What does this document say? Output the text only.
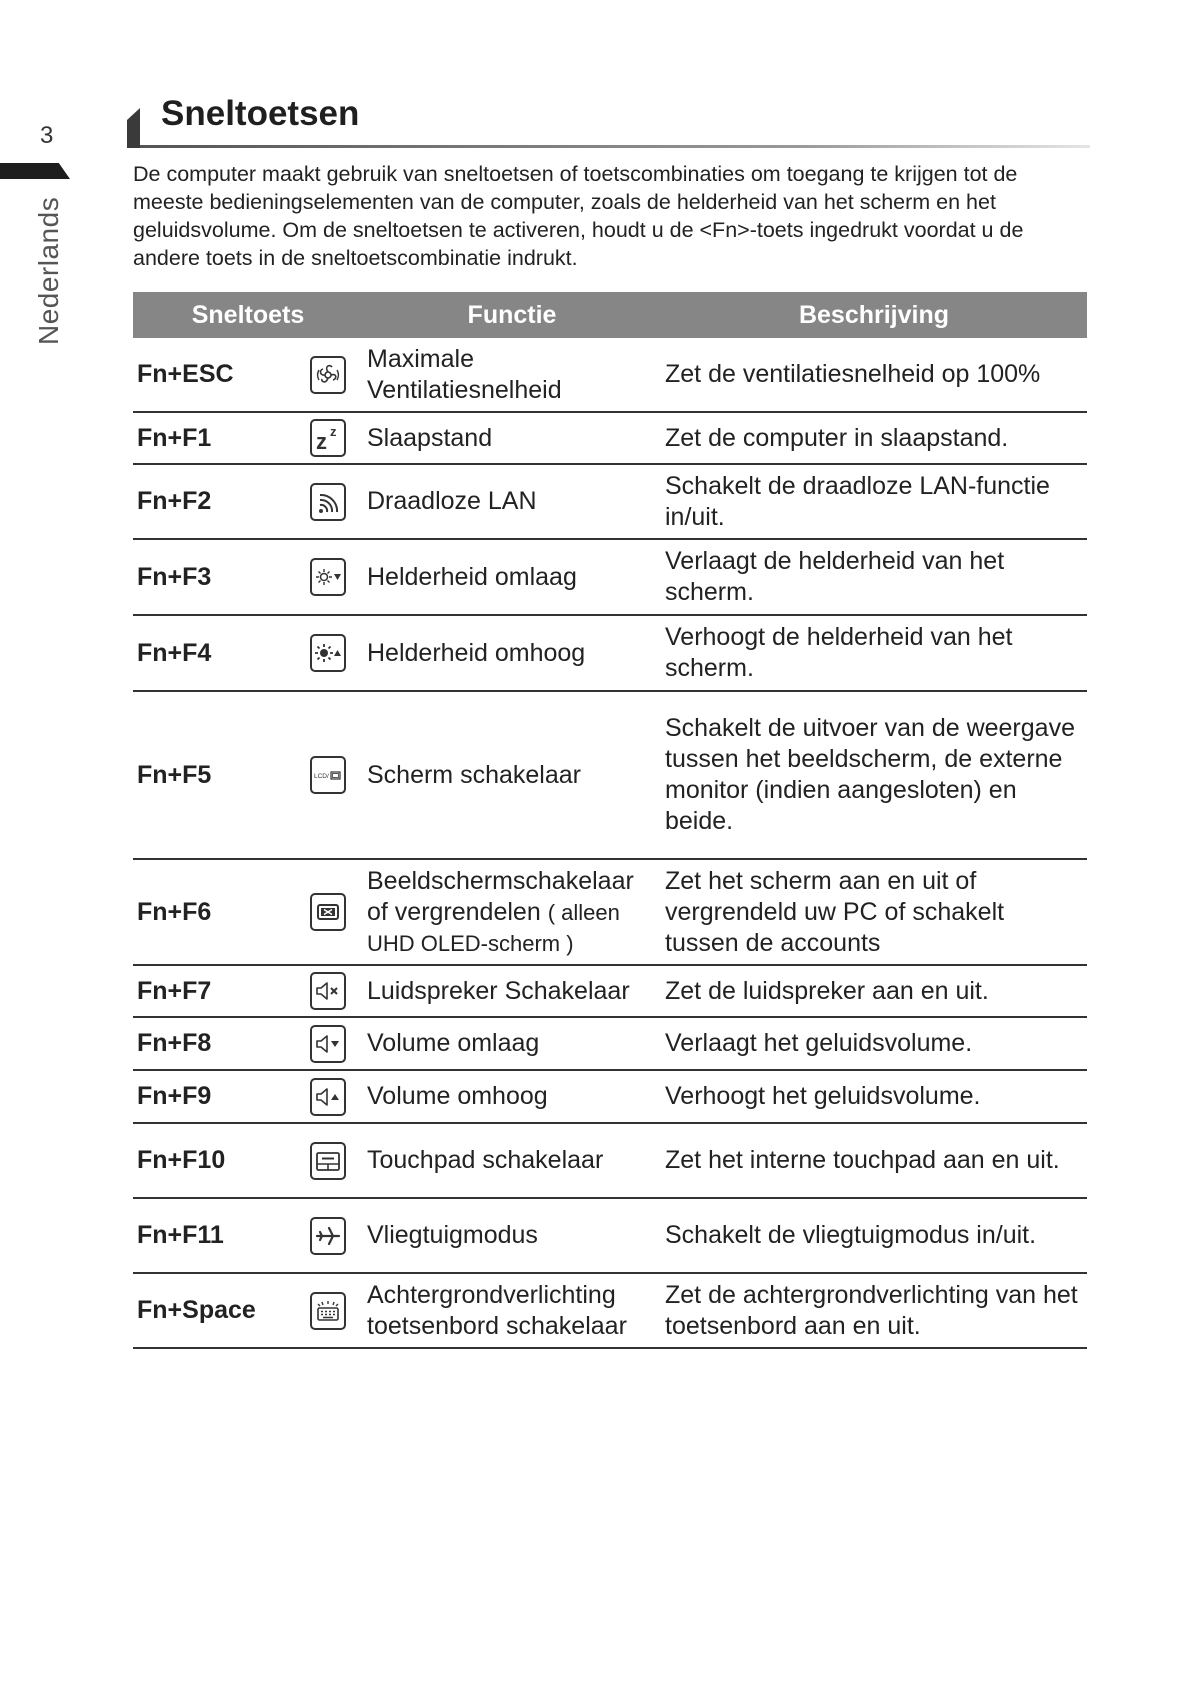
3
Nederlands
Sneltoetsen

De computer maakt gebruik van sneltoetsen of toetscombinaties om toegang te krijgen tot de meeste bedieningselementen van de computer, zoals de helderheid van het scherm en het geluidsvolume. Om de sneltoetsen te activeren, houdt u de <Fn>-toets ingedrukt voordat u de andere toets in de sneltoetscombinatie indrukt.

Sneltoets		Functie	Beschrijving
Fn+ESC		Maximale Ventilatiesnelheid	Zet de ventilatiesnelheid op 100%
Fn+F1	z z	Slaapstand	Zet de computer in slaapstand.
Fn+F2		Draadloze LAN	Schakelt de draadloze LAN-functie in/uit.
Fn+F3		Helderheid omlaag	Verlaagt de helderheid van het scherm.
Fn+F4		Helderheid omhoog	Verhoogt de helderheid van het scherm.
Fn+F5	LCD/	Scherm schakelaar	Schakelt de uitvoer van de weergave tussen het beeldscherm, de externe monitor (indien aangesloten) en beide.
Fn+F6		Beeldschermschakelaar of vergrendelen ( alleen UHD OLED-scherm )	Zet het scherm aan en uit of vergrendeld uw PC of schakelt tussen de accounts
Fn+F7		Luidspreker Schakelaar	Zet de luidspreker aan en uit.
Fn+F8		Volume omlaag	Verlaagt het geluidsvolume.
Fn+F9		Volume omhoog	Verhoogt het geluidsvolume.
Fn+F10		Touchpad schakelaar	Zet het interne touchpad aan en uit.
Fn+F11		Vliegtuigmodus	Schakelt de vliegtuigmodus in/uit.
Fn+Space		Achtergrondverlichting toetsenbord schakelaar	Zet de achtergrondverlichting van het toetsenbord aan en uit.
